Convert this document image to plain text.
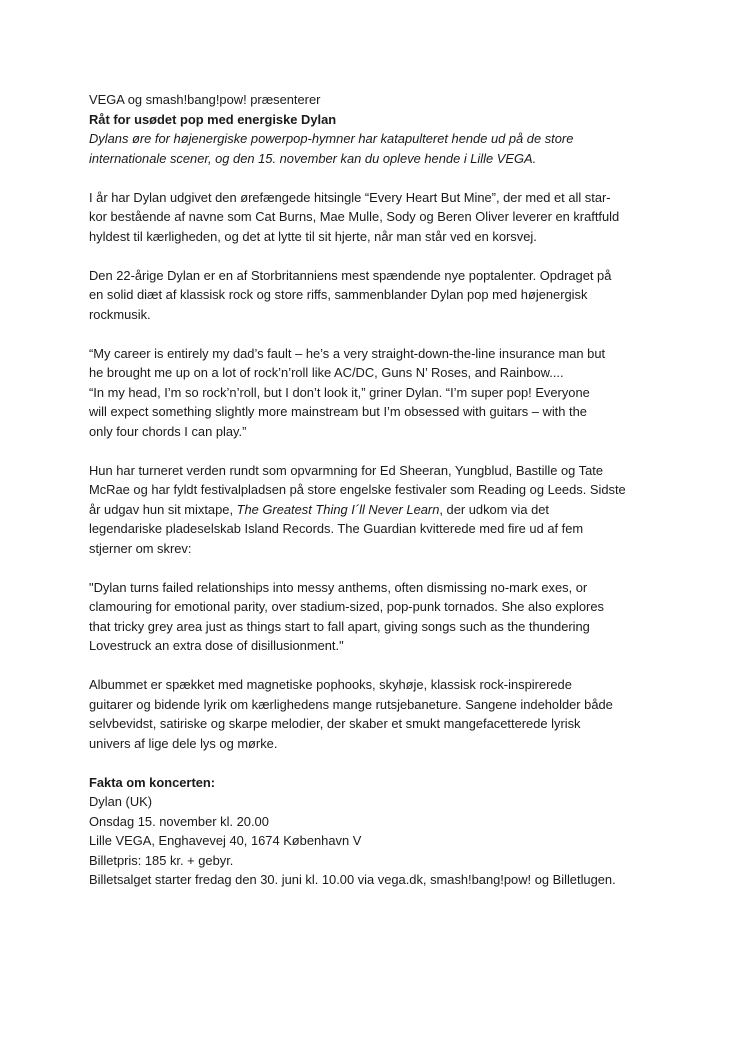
VEGA og smash!bang!pow! præsenterer
Råt for usødet pop med energiske Dylan
Dylans øre for højenergiske powerpop-hymner har katapulteret hende ud på de store
internationale scener, og den 15. november kan du opleve hende i Lille VEGA.
I år har Dylan udgivet den ørefængede hitsingle “Every Heart But Mine”, der med et all star-
kor bestående af navne som Cat Burns, Mae Mulle, Sody og Beren Oliver leverer en kraftfuld
hyldest til kærligheden, og det at lytte til sit hjerte, når man står ved en korsvej.
Den 22-årige Dylan er en af Storbritanniens mest spændende nye poptalenter. Opdraget på
en solid diæt af klassisk rock og store riffs, sammenblander Dylan pop med højenergisk
rockmusik.
“My career is entirely my dad’s fault – he’s a very straight-down-the-line insurance man but
he brought me up on a lot of rock’n’roll like AC/DC, Guns N’ Roses, and Rainbow....
“In my head, I’m so rock’n’roll, but I don’t look it,” griner Dylan. “I’m super pop! Everyone
will expect something slightly more mainstream but I’m obsessed with guitars – with the
only four chords I can play.”
Hun har turneret verden rundt som opvarmning for Ed Sheeran, Yungblud, Bastille og Tate
McRae og har fyldt festivalpladsen på store engelske festivaler som Reading og Leeds. Sidste
år udgav hun sit mixtape, The Greatest Thing I´ll Never Learn, der udkom via det
legendariske pladeselskab Island Records. The Guardian kvitterede med fire ud af fem
stjerner om skrev:
"Dylan turns failed relationships into messy anthems, often dismissing no-mark exes, or
clamouring for emotional parity, over stadium-sized, pop-punk tornados. She also explores
that tricky grey area just as things start to fall apart, giving songs such as the thundering
Lovestruck an extra dose of disillusionment."
Albummet er spækket med magnetiske pophooks, skyhøje, klassisk rock-inspirerede
guitarer og bidende lyrik om kærlighedens mange rutsjebaneture. Sangene indeholder både
selvbevidst, satiriske og skarpe melodier, der skaber et smukt mangefacetterede lyrisk
univers af lige dele lys og mørke.
Fakta om koncerten:
Dylan (UK)
Onsdag 15. november kl. 20.00
Lille VEGA, Enghavevej 40, 1674 København V
Billetpris: 185 kr. + gebyr.
Billetsalget starter fredag den 30. juni kl. 10.00 via vega.dk, smash!bang!pow! og Billetlugen.
